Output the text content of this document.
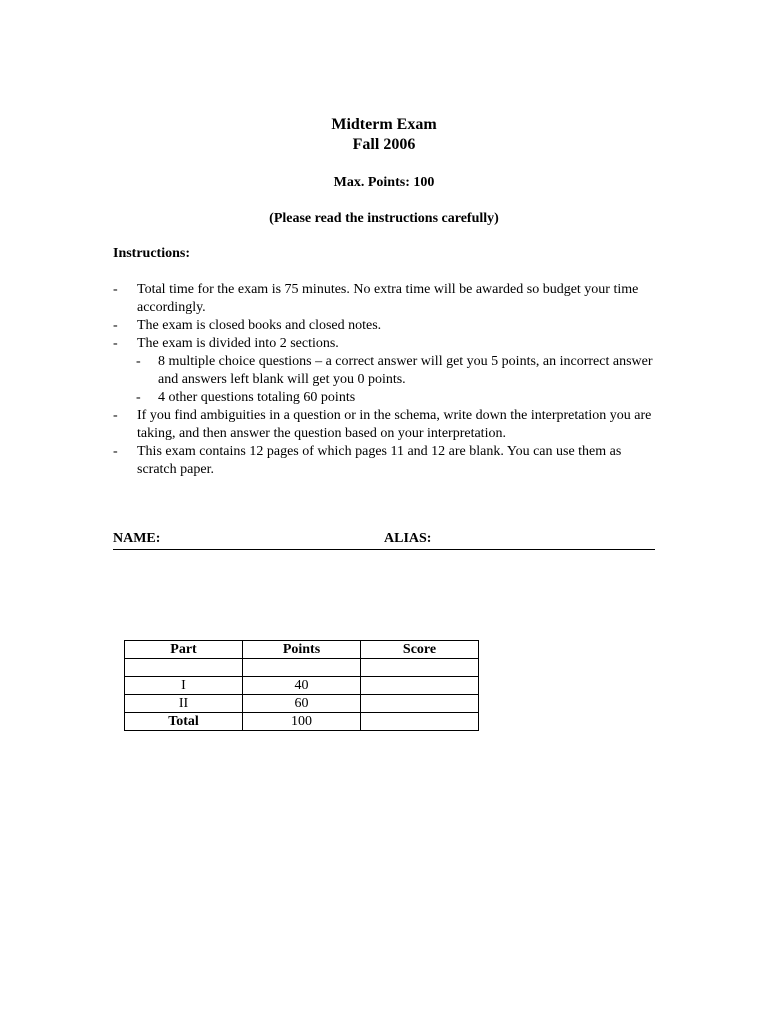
Midterm Exam
Fall 2006
Max. Points: 100
(Please read the instructions carefully)
Instructions:
- Total time for the exam is 75 minutes. No extra time will be awarded so budget your time accordingly.
- The exam is closed books and closed notes.
- The exam is divided into 2 sections.
- 8 multiple choice questions – a correct answer will get you 5 points, an incorrect answer and answers left blank will get you 0 points.
- 4 other questions totaling 60 points
- If you find ambiguities in a question or in the schema, write down the interpretation you are taking, and then answer the question based on your interpretation.
- This exam contains 12 pages of which pages 11 and 12 are blank. You can use them as scratch paper.
NAME:	ALIAS:
Part	Points	Score

I	40	
II	60	
Total	100	
